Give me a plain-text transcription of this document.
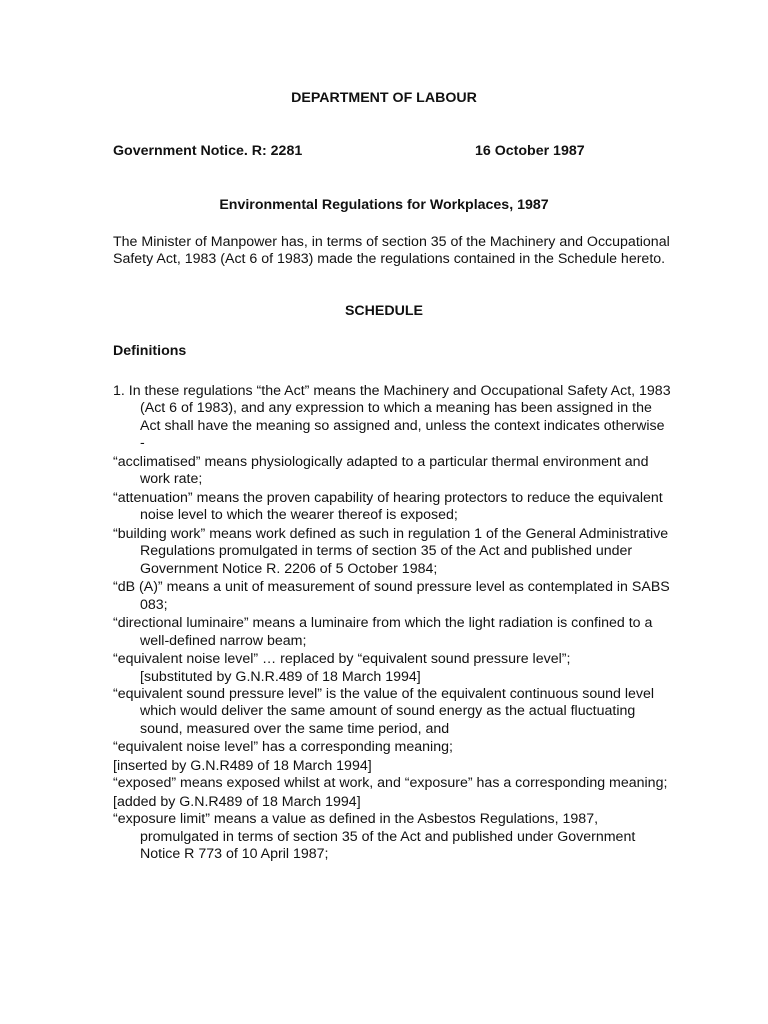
DEPARTMENT OF LABOUR
Government Notice. R: 2281	16 October 1987
Environmental Regulations for Workplaces, 1987

The Minister of Manpower has, in terms of section 35 of the Machinery and Occupational Safety Act, 1983 (Act 6 of 1983) made the regulations contained in the Schedule hereto.

SCHEDULE
Definitions

1. In these regulations “the Act” means the Machinery and Occupational Safety Act, 1983 (Act 6 of 1983), and any expression to which a meaning has been assigned in the Act shall have the meaning so assigned and, unless the context indicates otherwise -

“acclimatised” means physiologically adapted to a particular thermal environment and work rate;

“attenuation” means the proven capability of hearing protectors to reduce the equivalent noise level to which the wearer thereof is exposed;

“building work” means work defined as such in regulation 1 of the General Administrative Regulations promulgated in terms of section 35 of the Act and published under Government Notice R. 2206 of 5 October 1984;

“dB (A)” means a unit of measurement of sound pressure level as contemplated in SABS 083;

“directional luminaire” means a luminaire from which the light radiation is confined to a well-defined narrow beam;

“equivalent noise level” … replaced by “equivalent sound pressure level”;

[substituted by G.N.R.489 of 18 March 1994]

“equivalent sound pressure level” is the value of the equivalent continuous sound level which would deliver the same amount of sound energy as the actual fluctuating sound, measured over the same time period, and

“equivalent noise level” has a corresponding meaning;

[inserted by G.N.R489 of 18 March 1994]

“exposed” means exposed whilst at work, and “exposure” has a corresponding meaning;

[added by G.N.R489 of 18 March 1994]

“exposure limit” means a value as defined in the Asbestos Regulations, 1987, promulgated in terms of section 35 of the Act and published under Government Notice R 773 of 10 April 1987;
